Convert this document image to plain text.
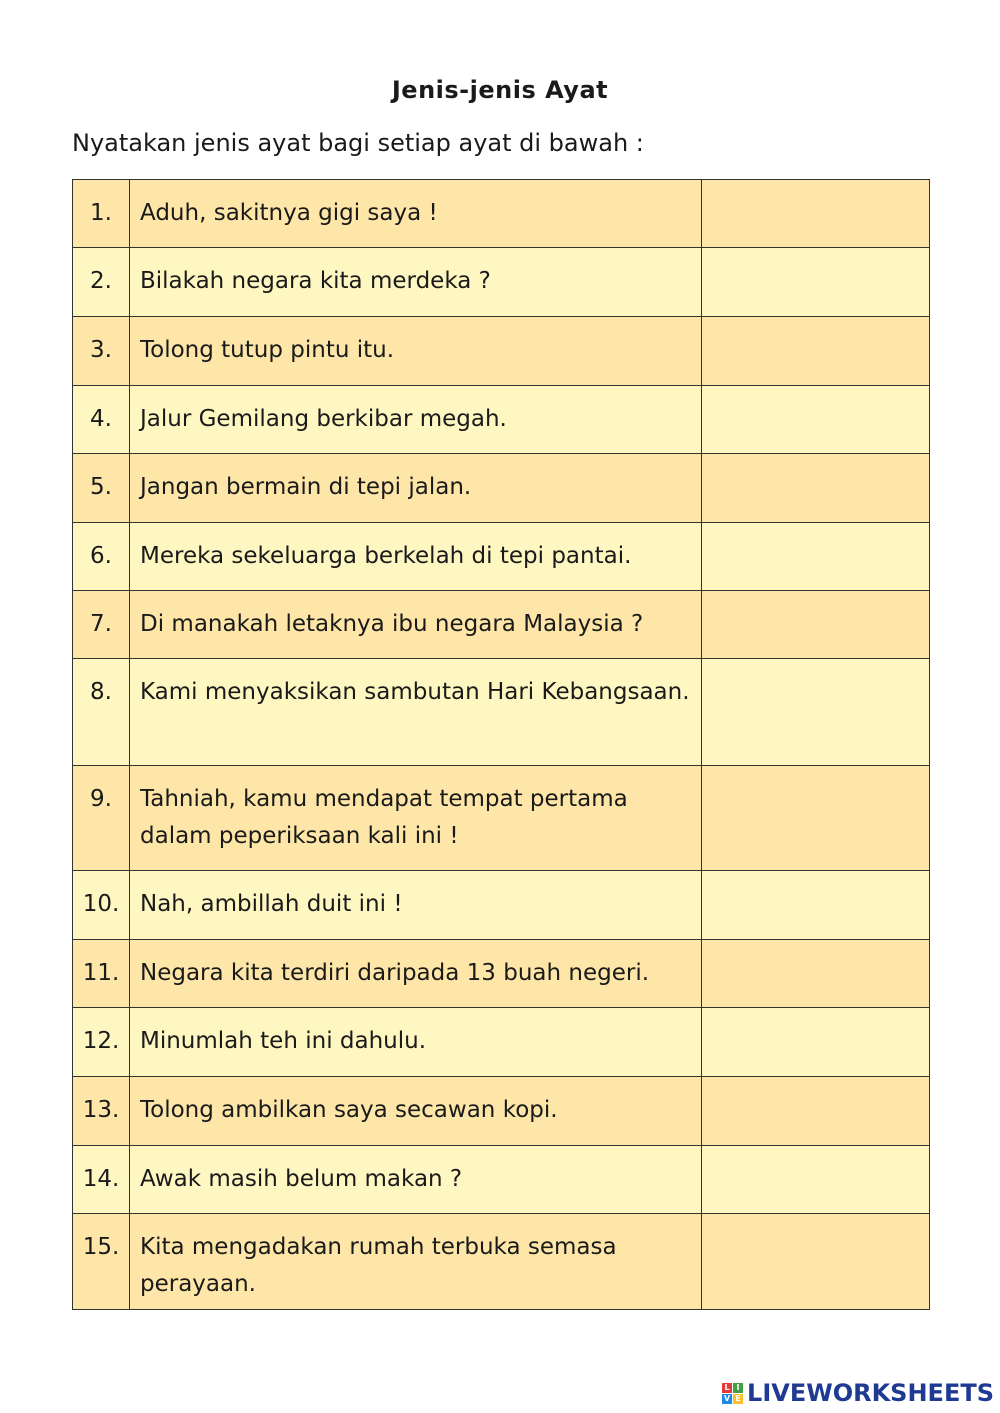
Jenis-jenis Ayat
Nyatakan jenis ayat bagi setiap ayat di bawah :
1.	Aduh, sakitnya gigi saya !	
2.	Bilakah negara kita merdeka ?	
3.	Tolong tutup pintu itu.	
4.	Jalur Gemilang berkibar megah.	
5.	Jangan bermain di tepi jalan.	
6.	Mereka sekeluarga berkelah di tepi pantai.	
7.	Di manakah letaknya ibu negara Malaysia ?	
8.	Kami menyaksikan sambutan Hari Kebangsaan.	
9.	Tahniah, kamu mendapat tempat pertama dalam peperiksaan kali ini !	
10.	Nah, ambillah duit ini !	
11.	Negara kita terdiri daripada 13 buah negeri.	
12.	Minumlah teh ini dahulu.	
13.	Tolong ambilkan saya secawan kopi.	
14.	Awak masih belum makan ?	
15.	Kita mengadakan rumah terbuka semasa perayaan.	
L I
V E LIVEWORKSHEETS
